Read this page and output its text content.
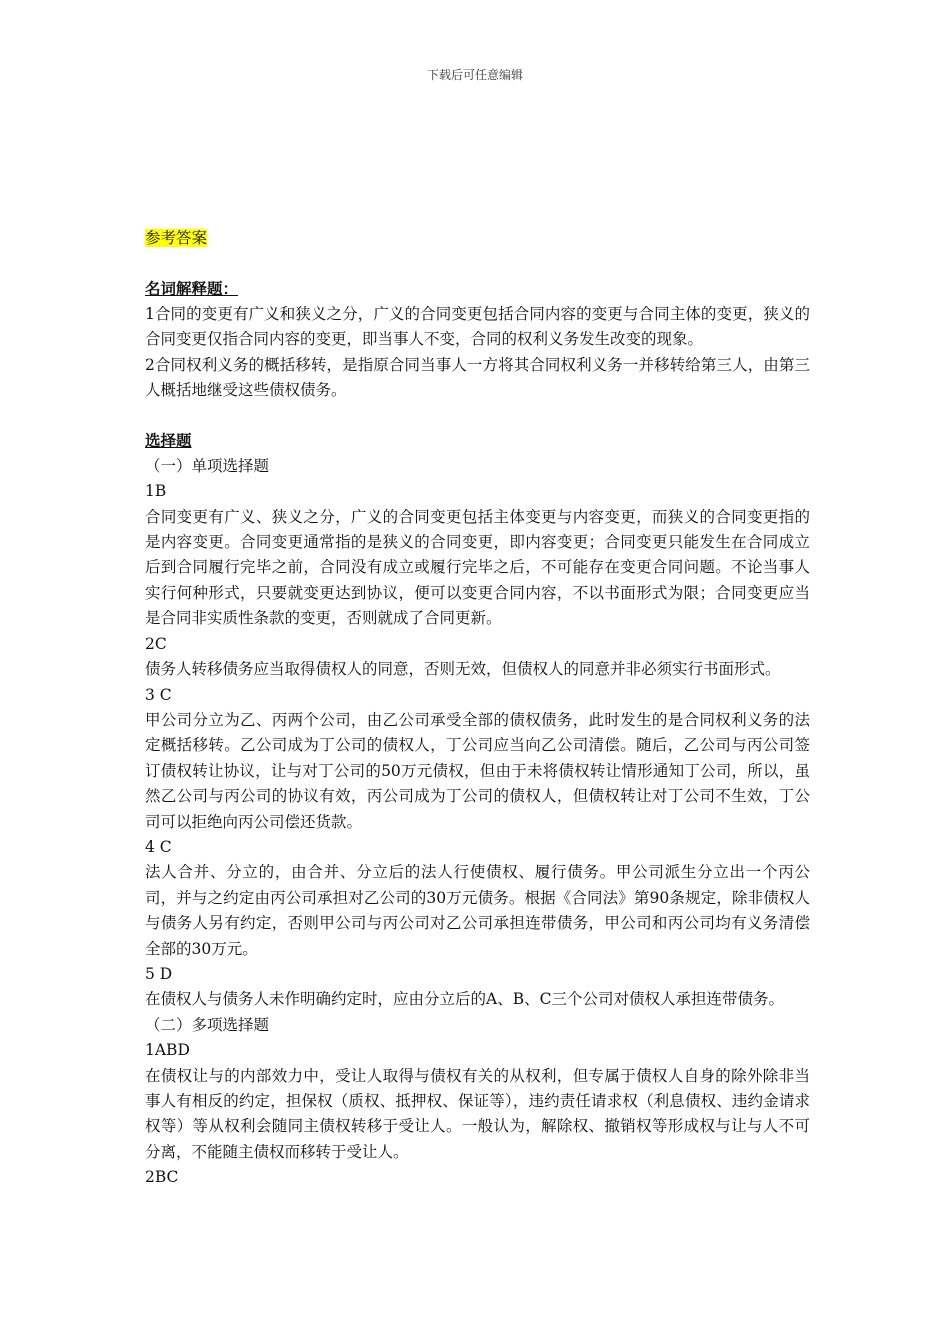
下载后可任意编辑
参考答案
名词解释题：
1合同的变更有广义和狭义之分，广义的合同变更包括合同内容的变更与合同主体的变更，狭义的合同变更仅指合同内容的变更，即当事人不变，合同的权利义务发生改变的现象。
2合同权利义务的概括移转，是指原合同当事人一方将其合同权利义务一并移转给第三人，由第三人概括地继受这些债权债务。
选择题
（一）单项选择题
1B
合同变更有广义、狭义之分，广义的合同变更包括主体变更与内容变更，而狭义的合同变更指的是内容变更。合同变更通常指的是狭义的合同变更，即内容变更；合同变更只能发生在合同成立后到合同履行完毕之前，合同没有成立或履行完毕之后，不可能存在变更合同问题。不论当事人实行何种形式，只要就变更达到协议，便可以变更合同内容，不以书面形式为限；合同变更应当是合同非实质性条款的变更，否则就成了合同更新。
2C
债务人转移债务应当取得债权人的同意，否则无效，但债权人的同意并非必须实行书面形式。
3 C
甲公司分立为乙、丙两个公司，由乙公司承受全部的债权债务，此时发生的是合同权利义务的法定概括移转。乙公司成为丁公司的债权人，丁公司应当向乙公司清偿。随后，乙公司与丙公司签订债权转让协议，让与对丁公司的50万元债权，但由于未将债权转让情形通知丁公司，所以，虽然乙公司与丙公司的协议有效，丙公司成为丁公司的债权人，但债权转让对丁公司不生效，丁公司可以拒绝向丙公司偿还货款。
4 C
法人合并、分立的，由合并、分立后的法人行使债权、履行债务。甲公司派生分立出一个丙公司，并与之约定由丙公司承担对乙公司的30万元债务。根据《合同法》第90条规定，除非债权人与债务人另有约定，否则甲公司与丙公司对乙公司承担连带债务，甲公司和丙公司均有义务清偿全部的30万元。
5 D
在债权人与债务人未作明确约定时，应由分立后的A、B、C三个公司对债权人承担连带债务。
（二）多项选择题
1ABD
在债权让与的内部效力中，受让人取得与债权有关的从权利，但专属于债权人自身的除外除非当事人有相反的约定，担保权（质权、抵押权、保证等），违约责任请求权（利息债权、违约金请求权等）等从权利会随同主债权转移于受让人。一般认为，解除权、撤销权等形成权与让与人不可分离，不能随主债权而移转于受让人。
2BC
